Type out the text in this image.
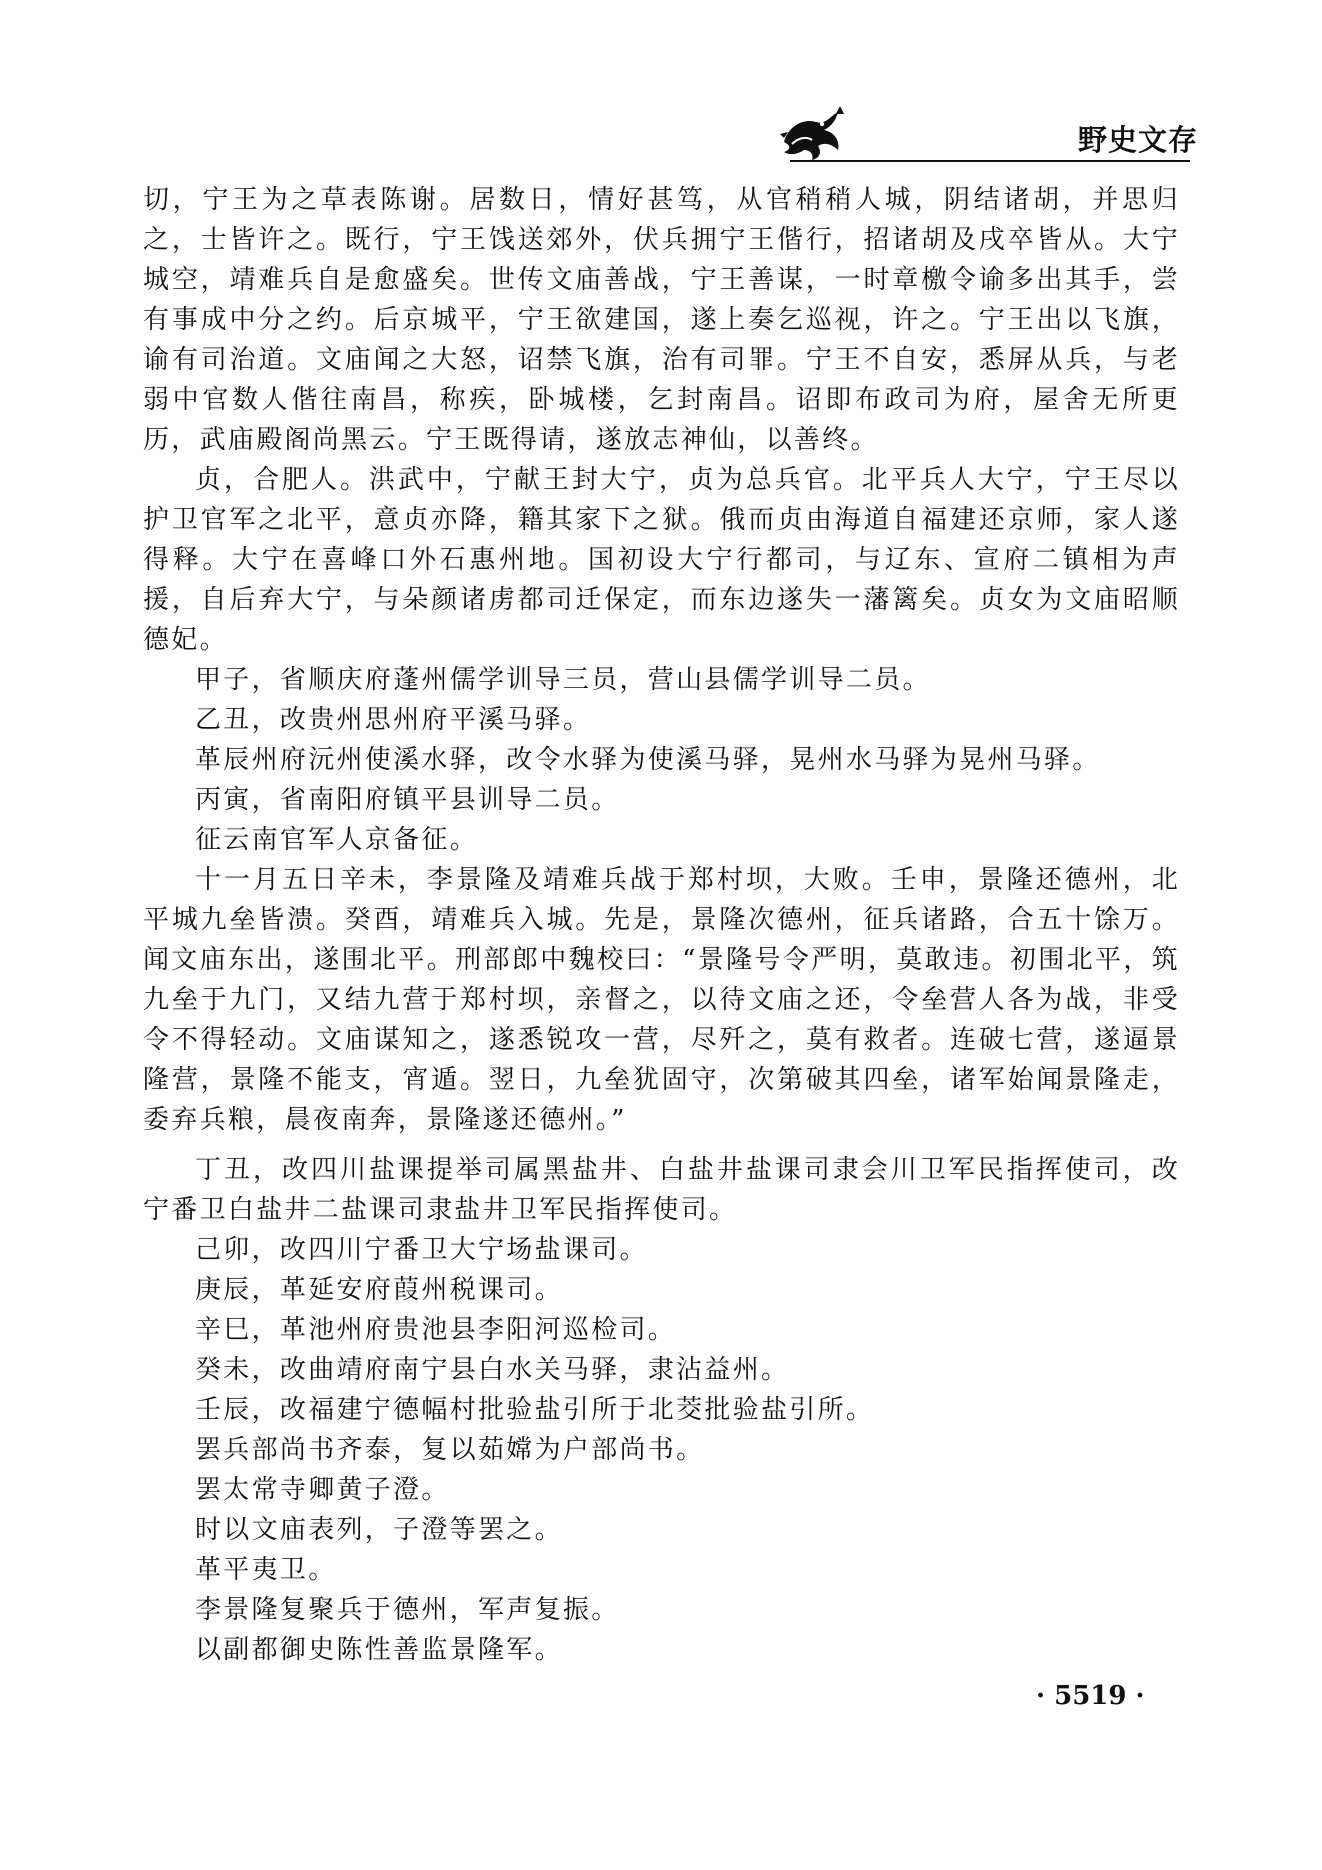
野史文存

切，宁王为之草表陈谢。居数日，情好甚笃，从官稍稍人城，阴结诸胡，并思归之，士皆许之。既行，宁王饯送郊外，伏兵拥宁王偕行，招诸胡及戌卒皆从。大宁城空，靖难兵自是愈盛矣。世传文庙善战，宁王善谋，一时章檄令谕多出其手，尝有事成中分之约。后京城平，宁王欲建国，遂上奏乞巡视，许之。宁王出以飞旗，谕有司治道。文庙闻之大怒，诏禁飞旗，治有司罪。宁王不自安，悉屏从兵，与老弱中官数人偕往南昌，称疾，卧城楼，乞封南昌。诏即布政司为府，屋舍无所更历，武庙殿阁尚黑云。宁王既得请，遂放志神仙，以善终。

贞，合肥人。洪武中，宁献王封大宁，贞为总兵官。北平兵人大宁，宁王尽以护卫官军之北平，意贞亦降，籍其家下之狱。俄而贞由海道自福建还京师，家人遂得释。大宁在喜峰口外石惠州地。国初设大宁行都司，与辽东、宣府二镇相为声援，自后弃大宁，与朵颜诸虏都司迁保定，而东边遂失一藩篱矣。贞女为文庙昭顺德妃。

甲子，省顺庆府蓬州儒学训导三员，营山县儒学训导二员。

乙丑，改贵州思州府平溪马驿。

革辰州府沅州使溪水驿，改令水驿为使溪马驿，晃州水马驿为晃州马驿。

丙寅，省南阳府镇平县训导二员。

征云南官军人京备征。

十一月五日辛未，李景隆及靖难兵战于郑村坝，大败。壬申，景隆还德州，北平城九垒皆溃。癸酉，靖难兵入城。先是，景隆次德州，征兵诸路，合五十馀万。闻文庙东出，遂围北平。刑部郎中魏校曰：“景隆号令严明，莫敢违。初围北平，筑九垒于九门，又结九营于郑村坝，亲督之，以待文庙之还，令垒营人各为战，非受令不得轻动。文庙谋知之，遂悉锐攻一营，尽歼之，莫有救者。连破七营，遂逼景隆营，景隆不能支，宵遁。翌日，九垒犹固守，次第破其四垒，诸军始闻景隆走，委弃兵粮，晨夜南奔，景隆遂还德州。”

丁丑，改四川盐课提举司属黑盐井、白盐井盐课司隶会川卫军民指挥使司，改宁番卫白盐井二盐课司隶盐井卫军民指挥使司。

己卯，改四川宁番卫大宁场盐课司。

庚辰，革延安府葭州税课司。

辛巳，革池州府贵池县李阳河巡检司。

癸未，改曲靖府南宁县白水关马驿，隶沾益州。

壬辰，改福建宁德幅村批验盐引所于北茭批验盐引所。

罢兵部尚书齐泰，复以茹嫦为户部尚书。

罢太常寺卿黄子澄。

时以文庙表列，子澄等罢之。

革平夷卫。

李景隆复聚兵于德州，军声复振。

以副都御史陈性善监景隆军。

· 5519 ·
